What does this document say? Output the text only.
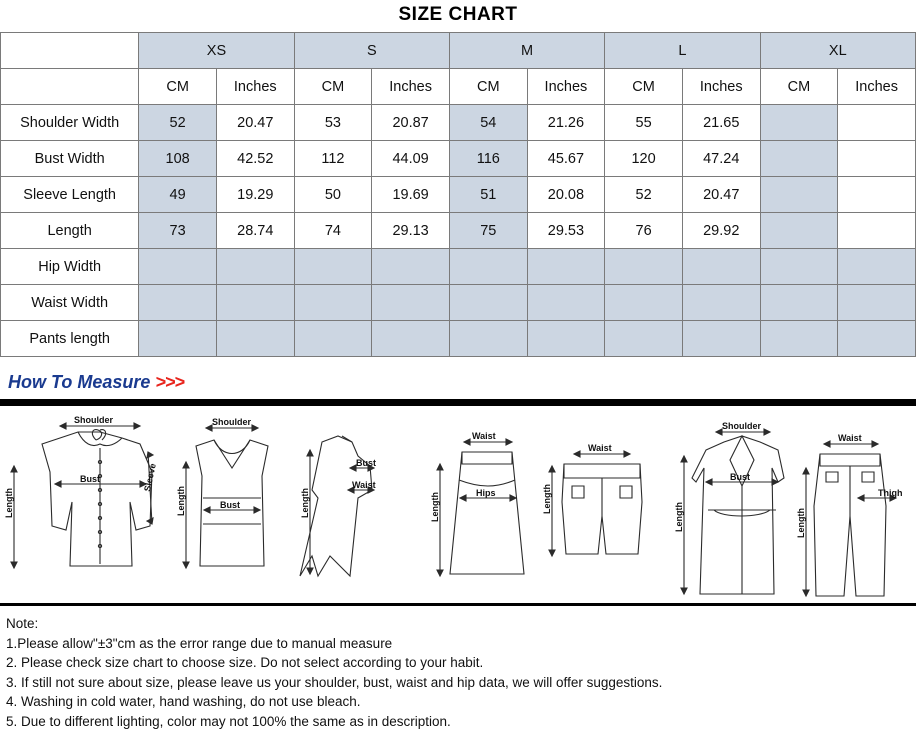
SIZE CHART
	XS		S		M		L		XL	
	CM	Inches	CM	Inches	CM	Inches	CM	Inches	CM	Inches
Shoulder Width	52	20.47	53	20.87	54	21.26	55	21.65		
Bust Width	108	42.52	112	44.09	116	45.67	120	47.24		
Sleeve Length	49	19.29	50	19.69	51	20.08	52	20.47		
Length	73	28.74	74	29.13	75	29.53	76	29.92		
Hip Width										
Waist Width										
Pants length										
How To Measure >>>
Shoulder
Bust	Sleeve
Length
Shoulder
Bust
Length
Bust
Waist
Length
Waist
Hips
Length
Waist
Length
Shoulder
Bust
Length
Waist
Thigh
Length
Note:
1.Please allow"±3"cm as the error range due to manual measure
2. Please check size chart to choose size. Do not select according to your habit.
3. If still not sure about size, please leave us your shoulder, bust, waist and hip data, we will offer suggestions.
4. Washing in cold water, hand washing, do not use bleach.
5. Due to different lighting, color may not 100% the same as in description.
